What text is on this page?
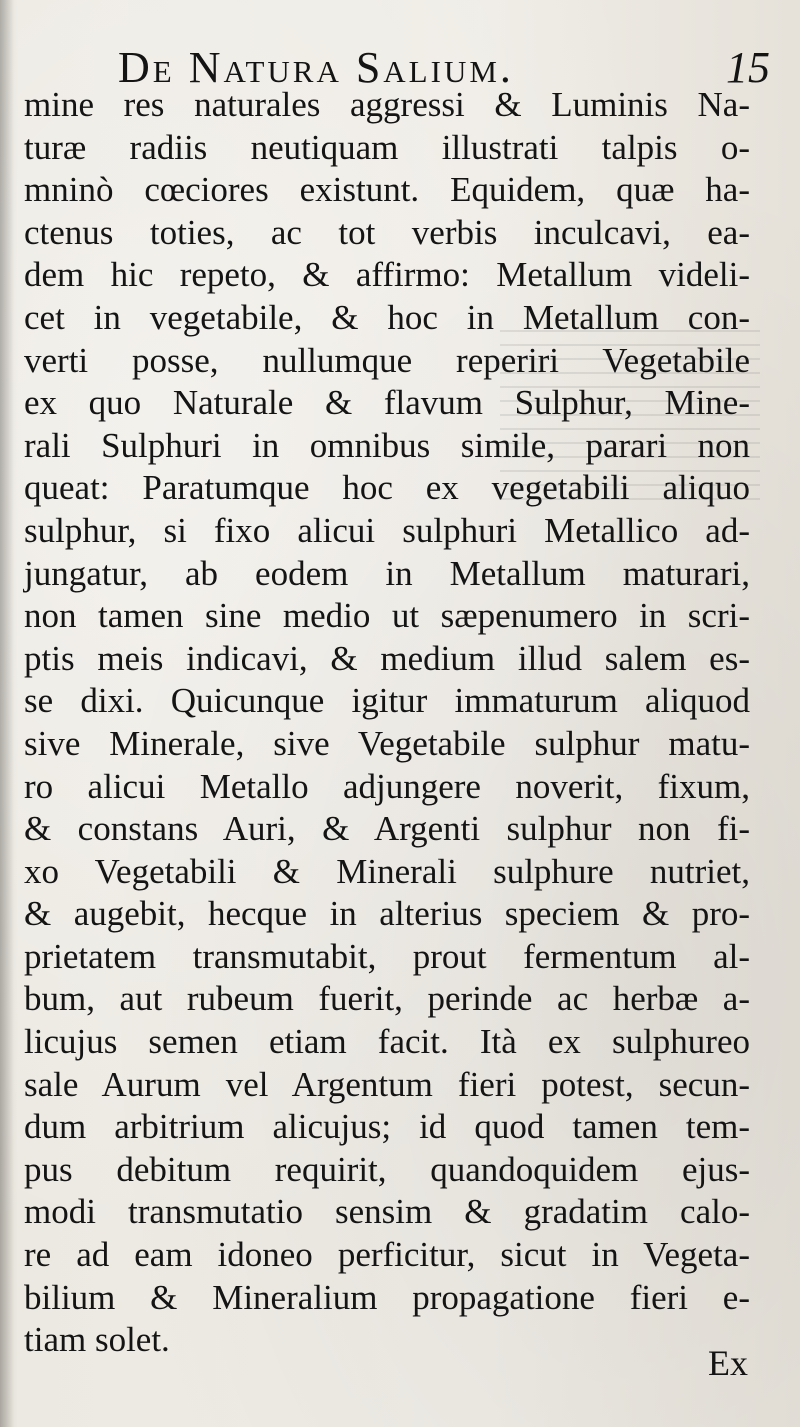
De Natura Salium.	15
mine res naturales aggressi & Luminis Na-
turæ radiis neutiquam illustrati talpis o-
mninò cœciores existunt. Equidem, quæ ha-
ctenus toties, ac tot verbis inculcavi, ea-
dem hic repeto, & affirmo: Metallum videli-
cet in vegetabile, & hoc in Metallum con-
verti posse, nullumque reperiri Vegetabile
ex quo Naturale & flavum Sulphur, Mine-
rali Sulphuri in omnibus simile, parari non
queat: Paratumque hoc ex vegetabili aliquo
sulphur, si fixo alicui sulphuri Metallico ad-
jungatur, ab eodem in Metallum maturari,
non tamen sine medio ut sæpenumero in scri-
ptis meis indicavi, & medium illud salem es-
se dixi. Quicunque igitur immaturum aliquod
sive Minerale, sive Vegetabile sulphur matu-
ro alicui Metallo adjungere noverit, fixum,
& constans Auri, & Argenti sulphur non fi-
xo Vegetabili & Minerali sulphure nutriet,
& augebit, hecque in alterius speciem & pro-
prietatem transmutabit, prout fermentum al-
bum, aut rubeum fuerit, perinde ac herbæ a-
licujus semen etiam facit. Ità ex sulphureo
sale Aurum vel Argentum fieri potest, secun-
dum arbitrium alicujus; id quod tamen tem-
pus debitum requirit, quandoquidem ejus-
modi transmutatio sensim & gradatim calo-
re ad eam idoneo perficitur, sicut in Vegeta-
bilium & Mineralium propagatione fieri e-
tiam solet.
Ex
